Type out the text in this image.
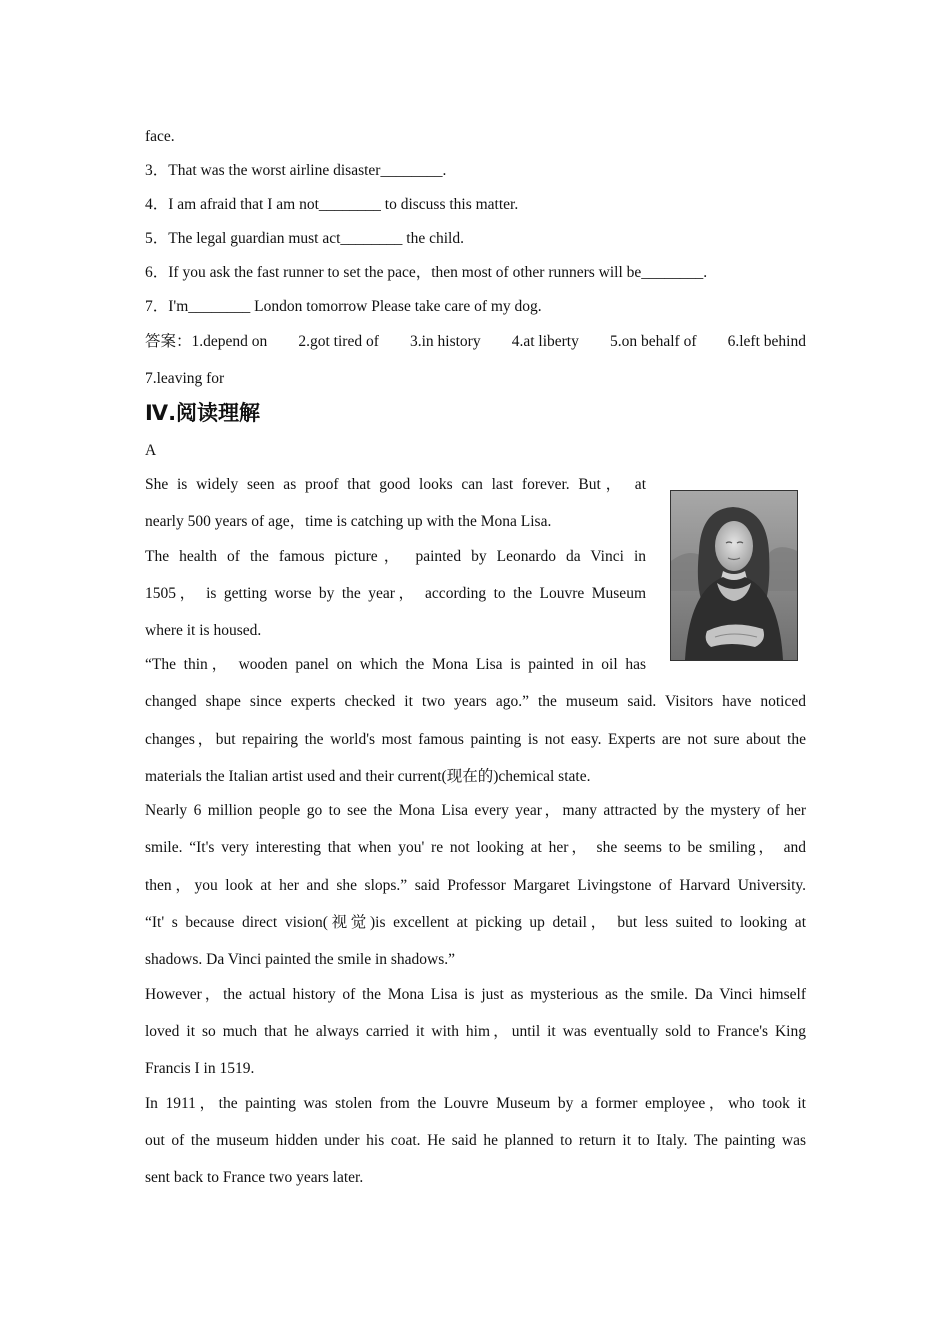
face.
3．That was the worst airline disaster________.
4．I am afraid that I am not________ to discuss this matter.
5．The legal guardian must act________ the child.
6．If you ask the fast runner to set the pace，then most of other runners will be________.
7．I'm________ London tomorrow Please take care of my dog.
答案：1.depend on 2.got tired of 3.in history 4.at liberty 5.on behalf of 6.left behind
7.leaving for
Ⅳ.阅读理解
A
She is widely seen as proof that good looks can last forever. But， at
nearly 500 years of age，time is catching up with the Mona Lisa.
The health of the famous picture， painted by Leonardo da Vinci in
1505， is getting worse by the year， according to the Louvre Museum
where it is housed.
“The thin， wooden panel on which the Mona Lisa is painted in oil has
changed shape since experts checked it two years ago.” the museum said. Visitors have noticed
changes，but repairing the world's most famous painting is not easy. Experts are not sure about the
materials the Italian artist used and their current(现在的)chemical state.
Nearly 6 million people go to see the Mona Lisa every year，many attracted by the mystery of her
smile. “It's very interesting that when you' re not looking at her， she seems to be smiling， and
then，you look at her and she slops.” said Professor Margaret Livingstone of Harvard University.
“It' s because direct vision(视觉)is excellent at picking up detail， but less suited to looking at
shadows. Da Vinci painted the smile in shadows.”
However，the actual history of the Mona Lisa is just as mysterious as the smile. Da Vinci himself
loved it so much that he always carried it with him，until it was eventually sold to France's King
Francis I in 1519.
In 1911，the painting was stolen from the Louvre Museum by a former employee，who took it
out of the museum hidden under his coat. He said he planned to return it to Italy. The painting was
sent back to France two years later.
